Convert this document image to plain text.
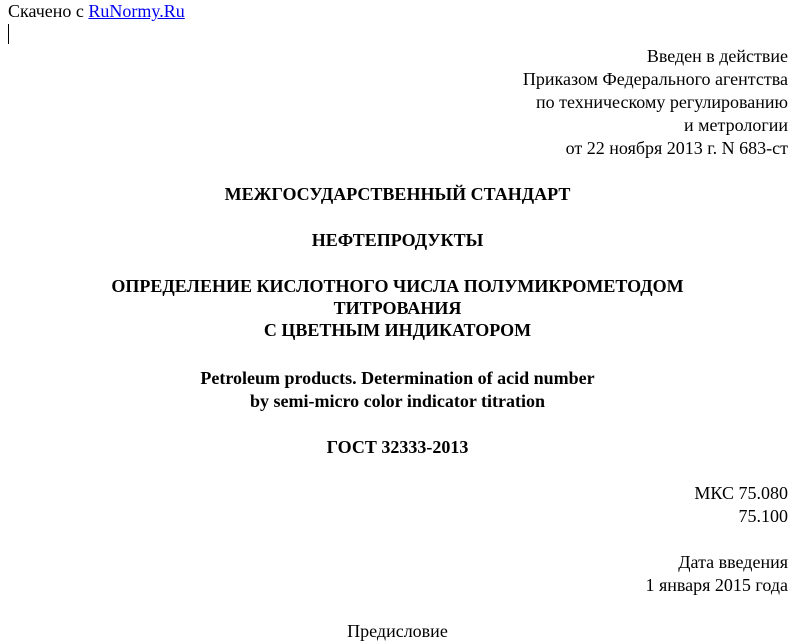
Скачено с RuNormy.Ru
Введен в действие
Приказом Федерального агентства
по техническому регулированию
и метрологии
от 22 ноября 2013 г. N 683-ст
МЕЖГОСУДАРСТВЕННЫЙ СТАНДАРТ
НЕФТЕПРОДУКТЫ
ОПРЕДЕЛЕНИЕ КИСЛОТНОГО ЧИСЛА ПОЛУМИКРОМЕТОДОМ
ТИТРОВАНИЯ
С ЦВЕТНЫМ ИНДИКАТОРОМ
Petroleum products. Determination of acid number
by semi-micro color indicator titration
ГОСТ 32333-2013
МКС 75.080
75.100
Дата введения
1 января 2015 года
Предисловие
